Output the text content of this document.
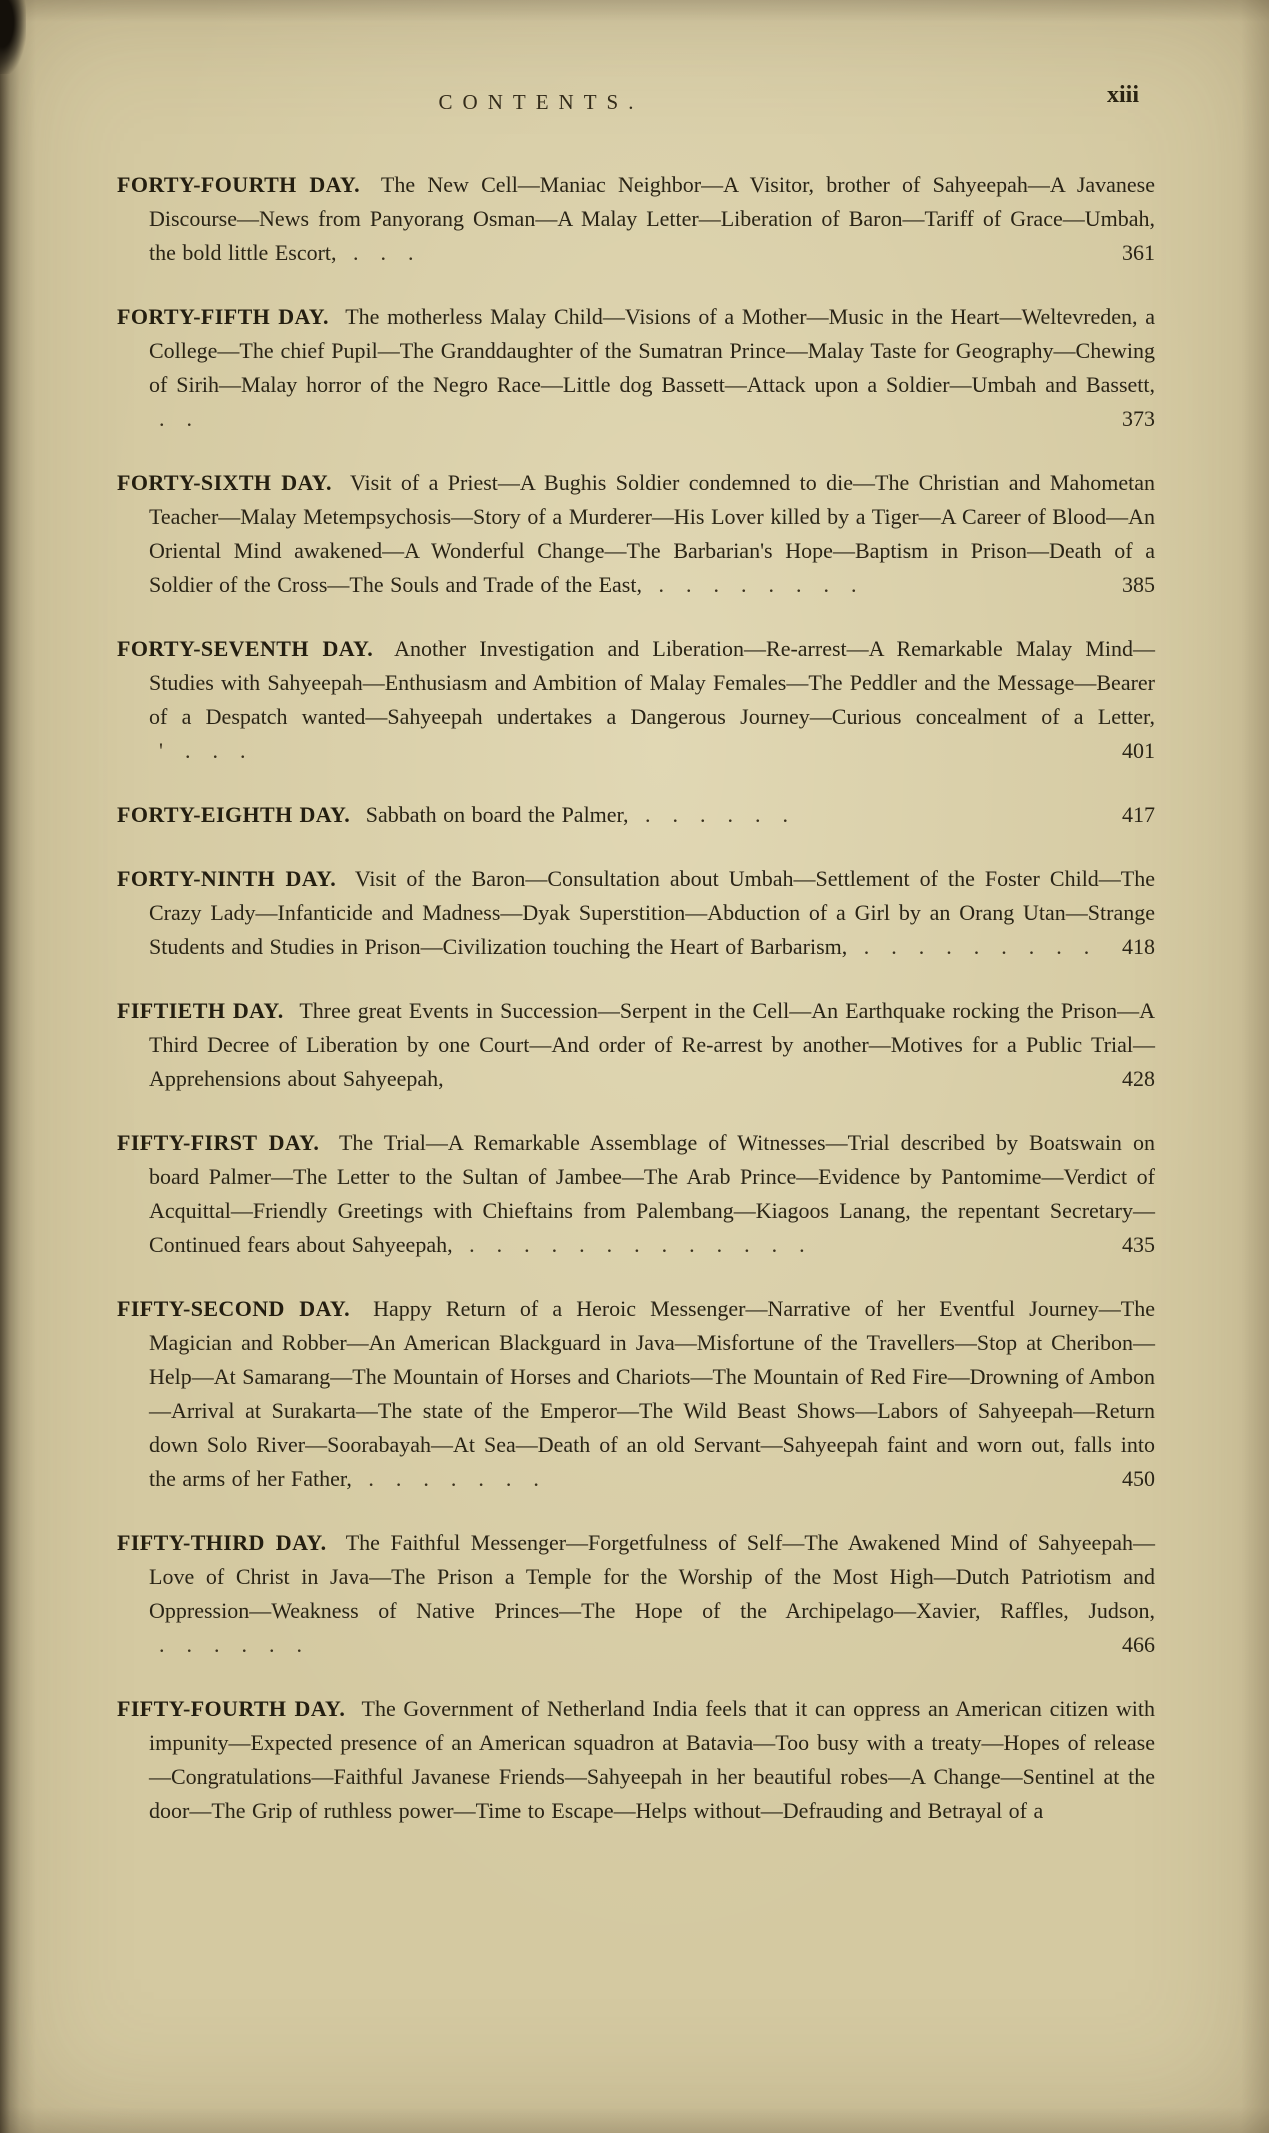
CONTENTS.	xiii

FORTY-FOURTH DAY. The New Cell—Maniac Neighbor—A Visitor, brother of Sahyeepah—A Javanese Discourse—News from Panyorang Osman—A Malay Letter—Liberation of Baron—Tariff of Grace—Umbah, the bold little Escort, . . .	361

FORTY-FIFTH DAY. The motherless Malay Child—Visions of a Mother—Music in the Heart—Weltevreden, a College—The chief Pupil—The Granddaughter of the Sumatran Prince—Malay Taste for Geography—Chewing of Sirih—Malay horror of the Negro Race—Little dog Bassett—Attack upon a Soldier—Umbah and Bassett, . .	373

FORTY-SIXTH DAY. Visit of a Priest—A Bughis Soldier condemned to die—The Christian and Mahometan Teacher—Malay Metempsychosis—Story of a Murderer—His Lover killed by a Tiger—A Career of Blood—An Oriental Mind awakened—A Wonderful Change—The Barbarian's Hope—Baptism in Prison—Death of a Soldier of the Cross—The Souls and Trade of the East, . . . . . . . .	385

FORTY-SEVENTH DAY. Another Investigation and Liberation—Re-arrest—A Remarkable Malay Mind—Studies with Sahyeepah—Enthusiasm and Ambition of Malay Females—The Peddler and the Message—Bearer of a Despatch wanted—Sahyeepah undertakes a Dangerous Journey—Curious concealment of a Letter, ' . . .	401

FORTY-EIGHTH DAY. Sabbath on board the Palmer, . . . . . .	417

FORTY-NINTH DAY. Visit of the Baron—Consultation about Umbah—Settlement of the Foster Child—The Crazy Lady—Infanticide and Madness—Dyak Superstition—Abduction of a Girl by an Orang Utan—Strange Students and Studies in Prison—Civilization touching the Heart of Barbarism, . . . . . . . . . 418

FIFTIETH DAY. Three great Events in Succession—Serpent in the Cell—An Earthquake rocking the Prison—A Third Decree of Liberation by one Court—And order of Re-arrest by another—Motives for a Public Trial—Apprehensions about Sahyeepah,	428

FIFTY-FIRST DAY. The Trial—A Remarkable Assemblage of Witnesses—Trial described by Boatswain on board Palmer—The Letter to the Sultan of Jambee—The Arab Prince—Evidence by Pantomime—Verdict of Acquittal—Friendly Greetings with Chieftains from Palembang—Kiagoos Lanang, the repentant Secretary—Continued fears about Sahyeepah, . . . . . . . . . . . . .	435

FIFTY-SECOND DAY. Happy Return of a Heroic Messenger—Narrative of her Eventful Journey—The Magician and Robber—An American Blackguard in Java—Misfortune of the Travellers—Stop at Cheribon—Help—At Samarang—The Mountain of Horses and Chariots—The Mountain of Red Fire—Drowning of Ambon—Arrival at Surakarta—The state of the Emperor—The Wild Beast Shows—Labors of Sahyeepah—Return down Solo River—Soorabayah—At Sea—Death of an old Servant—Sahyeepah faint and worn out, falls into the arms of her Father, . . . . . . .	450

FIFTY-THIRD DAY. The Faithful Messenger—Forgetfulness of Self—The Awakened Mind of Sahyeepah—Love of Christ in Java—The Prison a Temple for the Worship of the Most High—Dutch Patriotism and Oppression—Weakness of Native Princes—The Hope of the Archipelago—Xavier, Raffles, Judson, . . . . . .	466

FIFTY-FOURTH DAY. The Government of Netherland India feels that it can oppress an American citizen with impunity—Expected presence of an American squadron at Batavia—Too busy with a treaty—Hopes of release—Congratulations—Faithful Javanese Friends—Sahyeepah in her beautiful robes—A Change—Sentinel at the door—The Grip of ruthless power—Time to Escape—Helps without—Defrauding and Betrayal of a
